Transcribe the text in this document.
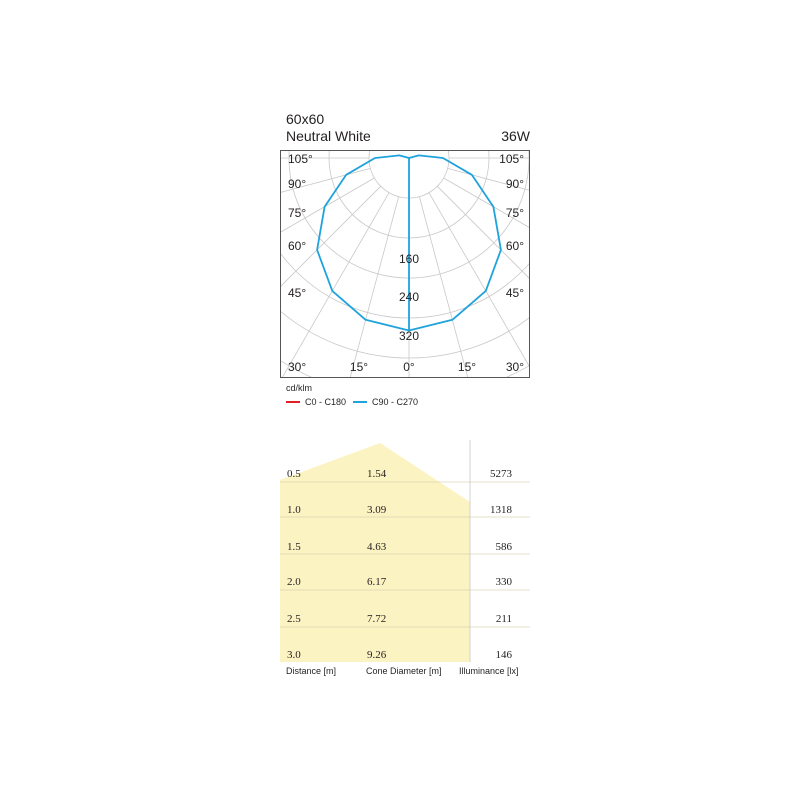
60x60
Neutral White	36W
105°
90°
75°
60°
45°
30°
105°
90°
75°
60°
45°
30°
15°	0°	15°
160
240
320
cd/klm
C0 - C180	C90 - C270
0.5	1.54	5273
1.0	3.09	1318
1.5	4.63	586
2.0	6.17	330
2.5	7.72	211
3.0	9.26	146
Distance [m]	Cone Diameter [m] Illuminance [lx]
